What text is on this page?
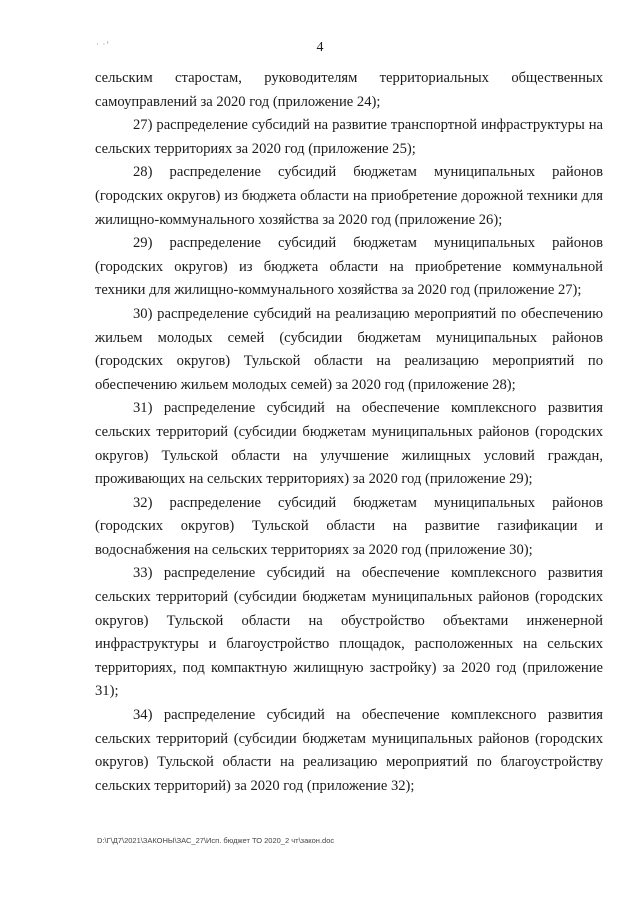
· ·’	4

сельским старостам, руководителям территориальных общественных самоуправлений за 2020 год (приложение 24);

27) распределение субсидий на развитие транспортной инфраструктуры на сельских территориях за 2020 год (приложение 25);

28) распределение субсидий бюджетам муниципальных районов (городских округов) из бюджета области на приобретение дорожной техники для жилищно-коммунального хозяйства за 2020 год (приложение 26);

29) распределение субсидий бюджетам муниципальных районов (городских округов) из бюджета области на приобретение коммунальной техники для жилищно-коммунального хозяйства за 2020 год (приложение 27);

30) распределение субсидий на реализацию мероприятий по обеспечению жильем молодых семей (субсидии бюджетам муниципальных районов (городских округов) Тульской области на реализацию мероприятий по обеспечению жильем молодых семей) за 2020 год (приложение 28);

31) распределение субсидий на обеспечение комплексного развития сельских территорий (субсидии бюджетам муниципальных районов (городских округов) Тульской области на улучшение жилищных условий граждан, проживающих на сельских территориях) за 2020 год (приложение 29);

32) распределение субсидий бюджетам муниципальных районов (городских округов) Тульской области на развитие газификации и водоснабжения на сельских территориях за 2020 год (приложение 30);

33) распределение субсидий на обеспечение комплексного развития сельских территорий (субсидии бюджетам муниципальных районов (городских округов) Тульской области на обустройство объектами инженерной инфраструктуры и благоустройство площадок, расположенных на сельских территориях, под компактную жилищную застройку) за 2020 год (приложение 31);

34) распределение субсидий на обеспечение комплексного развития сельских территорий (субсидии бюджетам муниципальных районов (городских округов) Тульской области на реализацию мероприятий по благоустройству сельских территорий) за 2020 год (приложение 32);

D:\Г\Д7\2021\ЗАКОНЫ\ЗАС_27\Исп. бюджет ТО 2020_2 чт\закон.doc
